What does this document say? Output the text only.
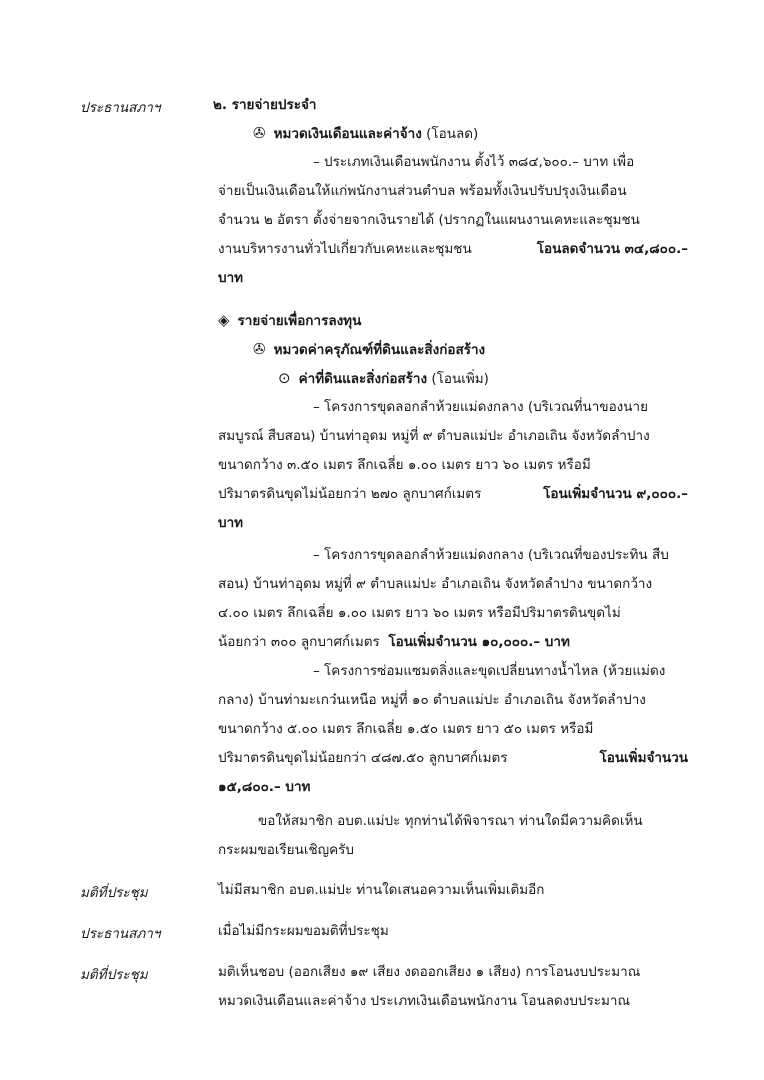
ประธานสภาฯ	๒. รายจ่ายประจำ
✇ หมวดเงินเดือนและค่าจ้าง (โอนลด)
– ประเภทเงินเดือนพนักงาน ตั้งไว้ ๓๘๔,๖๐๐.– บาท เพื่อ
จ่ายเป็นเงินเดือนให้แก่พนักงานส่วนตำบล พร้อมทั้งเงินปรับปรุงเงินเดือน
จำนวน ๒ อัตรา ตั้งจ่ายจากเงินรายได้ (ปรากฏในแผนงานเคหะและชุมชน
งานบริหารงานทั่วไปเกี่ยวกับเคหะและชุมชน	โอนลดจำนวน ๓๔,๘๐๐.–
บาท
◈ รายจ่ายเพื่อการลงทุน
✇ หมวดค่าครุภัณฑ์ที่ดินและสิ่งก่อสร้าง
⊙ ค่าที่ดินและสิ่งก่อสร้าง (โอนเพิ่ม)
– โครงการขุดลอกลำห้วยแม่ดงกลาง (บริเวณที่นาของนาย
สมบูรณ์ สืบสอน) บ้านท่าอุดม หมู่ที่ ๙ ตำบลแม่ปะ อำเภอเถิน จังหวัดลำปาง
ขนาดกว้าง ๓.๕๐ เมตร ลึกเฉลี่ย ๑.๐๐ เมตร ยาว ๖๐ เมตร หรือมี
ปริมาตรดินขุดไม่น้อยกว่า ๒๗๐ ลูกบาศก์เมตร	โอนเพิ่มจำนวน ๙,๐๐๐.–
บาท
– โครงการขุดลอกลำห้วยแม่ดงกลาง (บริเวณที่ของประทิน สืบ
สอน) บ้านท่าอุดม หมู่ที่ ๙ ตำบลแม่ปะ อำเภอเถิน จังหวัดลำปาง ขนาดกว้าง
๔.๐๐ เมตร ลึกเฉลี่ย ๑.๐๐ เมตร ยาว ๖๐ เมตร หรือมีปริมาตรดินขุดไม่
น้อยกว่า ๓๐๐ ลูกบาศก์เมตร โอนเพิ่มจำนวน ๑๐,๐๐๐.– บาท
– โครงการซ่อมแซมตลิ่งและขุดเปลี่ยนทางน้ำไหล (ห้วยแม่ดง
กลาง) บ้านท่ามะเกว๋นเหนือ หมู่ที่ ๑๐ ตำบลแม่ปะ อำเภอเถิน จังหวัดลำปาง
ขนาดกว้าง ๕.๐๐ เมตร ลึกเฉลี่ย ๑.๕๐ เมตร ยาว ๕๐ เมตร หรือมี
ปริมาตรดินขุดไม่น้อยกว่า ๔๘๗.๕๐ ลูกบาศก์เมตร	โอนเพิ่มจำนวน
๑๕,๘๐๐.– บาท
ขอให้สมาชิก อบต.แม่ปะ ทุกท่านได้พิจารณา ท่านใดมีความคิดเห็น
กระผมขอเรียนเชิญครับ
มติที่ประชุม	ไม่มีสมาชิก อบต.แม่ปะ ท่านใดเสนอความเห็นเพิ่มเติมอีก
ประธานสภาฯ	เมื่อไม่มีกระผมขอมติที่ประชุม
มติที่ประชุม	มติเห็นชอบ (ออกเสียง ๑๙ เสียง งดออกเสียง ๑ เสียง) การโอนงบประมาณ
หมวดเงินเดือนและค่าจ้าง ประเภทเงินเดือนพนักงาน โอนลดงบประมาณ
